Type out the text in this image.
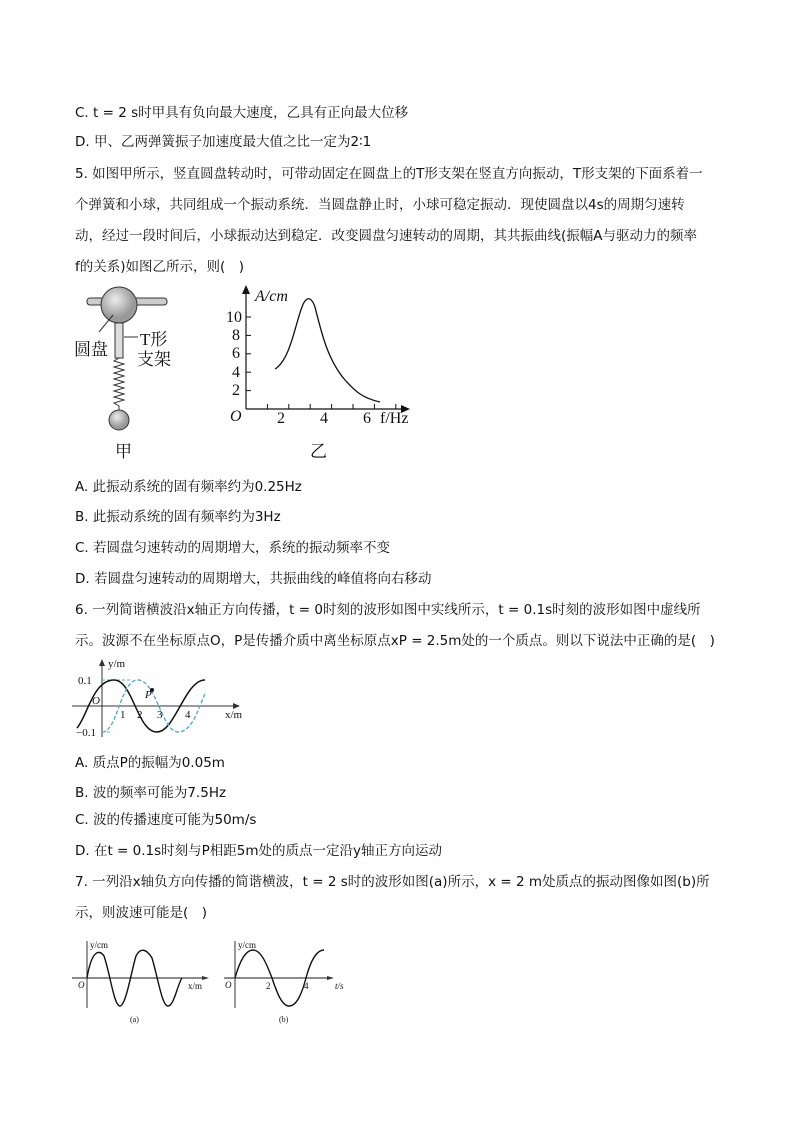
C. t = 2 s时甲具有负向最大速度，乙具有正向最大位移
D. 甲、乙两弹簧振子加速度最大值之比一定为2∶1
5. 如图甲所示，竖直圆盘转动时，可带动固定在圆盘上的T形支架在竖直方向振动，T形支架的下面系着一
个弹簧和小球，共同组成一个振动系统．当圆盘静止时，小球可稳定振动．现使圆盘以4s的周期匀速转
动，经过一段时间后，小球振动达到稳定．改变圆盘匀速转动的周期，其共振曲线(振幅A与驱动力的频率
f的关系)如图乙所示，则(　)
圆盘
T形
支架
甲
A/cm
O	f/Hz
10
8
6
4
2
2 4 6
乙
A. 此振动系统的固有频率约为0.25Hz
B. 此振动系统的固有频率约为3Hz
C. 若圆盘匀速转动的周期增大，系统的振动频率不变
D. 若圆盘匀速转动的周期增大，共振曲线的峰值将向右移动
6. 一列简谐横波沿x轴正方向传播，t = 0时刻的波形如图中实线所示，t = 0.1s时刻的波形如图中虚线所
示。波源不在坐标原点O，P是传播介质中离坐标原点xP = 2.5m处的一个质点。则以下说法中正确的是(　)
P
y/m
0.1
−0.1
O
x/m
1 2 3 4
A. 质点P的振幅为0.05m
B. 波的频率可能为7.5Hz
C. 波的传播速度可能为50m/s
D. 在t = 0.1s时刻与P相距5m处的质点一定沿y轴正方向运动
7. 一列沿x轴负方向传播的简谐横波，t = 2 s时的波形如图(a)所示，x = 2 m处质点的振动图像如图(b)所
示，则波速可能是(　)
y/cm
O	x/m
(a)
y/cm
O	2	4	t/s
(b)
